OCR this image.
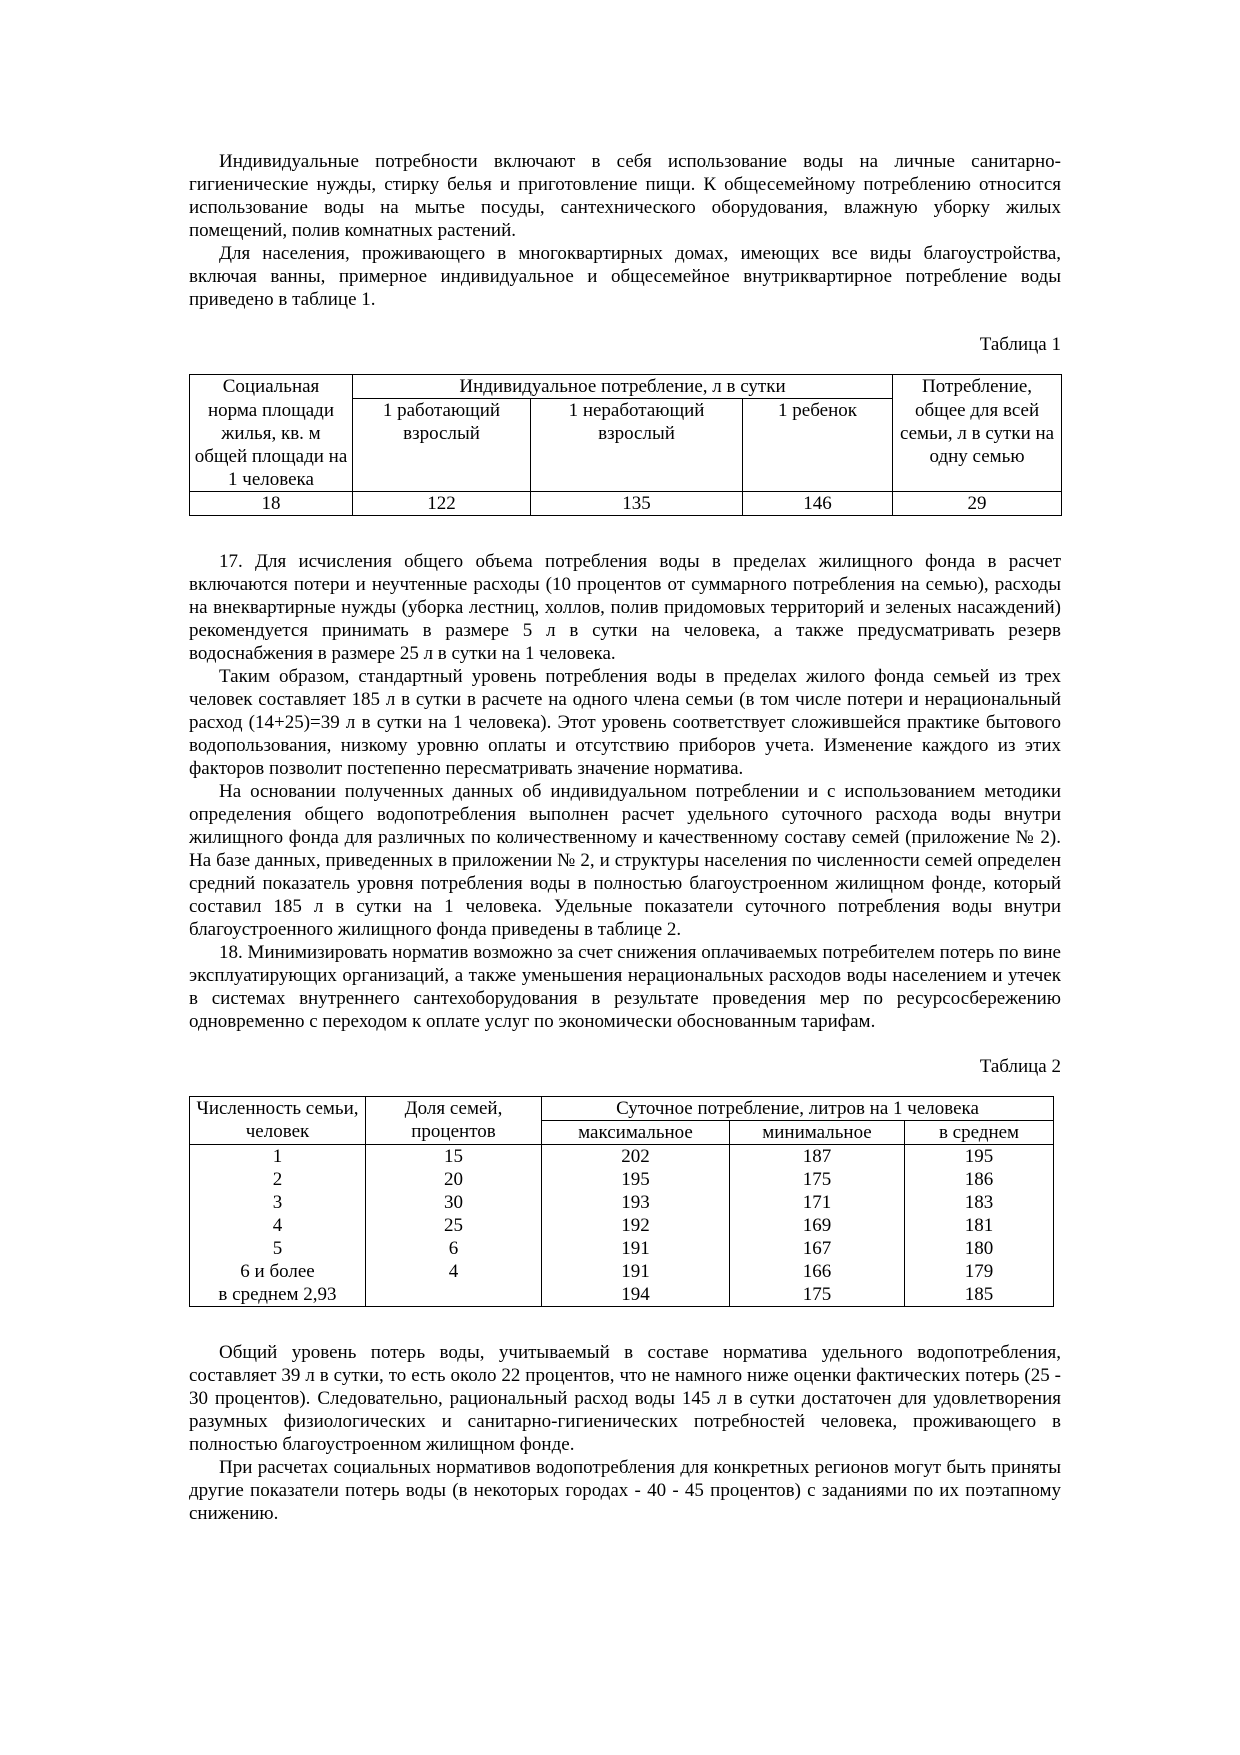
Индивидуальные потребности включают в себя использование воды на личные санитарно-гигиенические нужды, стирку белья и приготовление пищи. К общесемейному потреблению относится использование воды на мытье посуды, сантехнического оборудования, влажную уборку жилых помещений, полив комнатных растений.

Для населения, проживающего в многоквартирных домах, имеющих все виды благоустройства, включая ванны, примерное индивидуальное и общесемейное внутриквартирное потребление воды приведено в таблице 1.

Таблица 1
Социальная	Индивидуальное потребление, л в сутки			Потребление,
норма площади жилья, кв. м общей площади на 1 человека	1 работающий взрослый	1 неработающий взрослый	1 ребенок	общее для всей семьи, л в сутки на одну семью
18	122	135	146	29

17. Для исчисления общего объема потребления воды в пределах жилищного фонда в расчет включаются потери и неучтенные расходы (10 процентов от суммарного потребления на семью), расходы на внеквартирные нужды (уборка лестниц, холлов, полив придомовых территорий и зеленых насаждений) рекомендуется принимать в размере 5 л в сутки на человека, а также предусматривать резерв водоснабжения в размере 25 л в сутки на 1 человека.

Таким образом, стандартный уровень потребления воды в пределах жилого фонда семьей из трех человек составляет 185 л в сутки в расчете на одного члена семьи (в том числе потери и нерациональный расход (14+25)=39 л в сутки на 1 человека). Этот уровень соответствует сложившейся практике бытового водопользования, низкому уровню оплаты и отсутствию приборов учета. Изменение каждого из этих факторов позволит постепенно пересматривать значение норматива.

На основании полученных данных об индивидуальном потреблении и с использованием методики определения общего водопотребления выполнен расчет удельного суточного расхода воды внутри жилищного фонда для различных по количественному и качественному составу семей (приложение № 2). На базе данных, приведенных в приложении № 2, и структуры населения по численности семей определен средний показатель уровня потребления воды в полностью благоустроенном жилищном фонде, который составил 185 л в сутки на 1 человека. Удельные показатели суточного потребления воды внутри благоустроенного жилищного фонда приведены в таблице 2.

18. Минимизировать норматив возможно за счет снижения оплачиваемых потребителем потерь по вине эксплуатирующих организаций, а также уменьшения нерациональных расходов воды населением и утечек в системах внутреннего сантехоборудования в результате проведения мер по ресурсосбережению одновременно с переходом к оплате услуг по экономически обоснованным тарифам.

Таблица 2
Численность семьи, человек	Доля семей, процентов	Суточное потребление, литров на 1 человека		
		максимальное	минимальное	в среднем
1	15	202	187	195
2	20	195	175	186
3	30	193	171	183
4	25	192	169	181
5	6	191	167	180
6 и более	4	191	166	179
в среднем 2,93		194	175	185

Общий уровень потерь воды, учитываемый в составе норматива удельного водопотребления, составляет 39 л в сутки, то есть около 22 процентов, что не намного ниже оценки фактических потерь (25 - 30 процентов). Следовательно, рациональный расход воды 145 л в сутки достаточен для удовлетворения разумных физиологических и санитарно-гигиенических потребностей человека, проживающего в полностью благоустроенном жилищном фонде.

При расчетах социальных нормативов водопотребления для конкретных регионов могут быть приняты другие показатели потерь воды (в некоторых городах - 40 - 45 процентов) с заданиями по их поэтапному снижению.
